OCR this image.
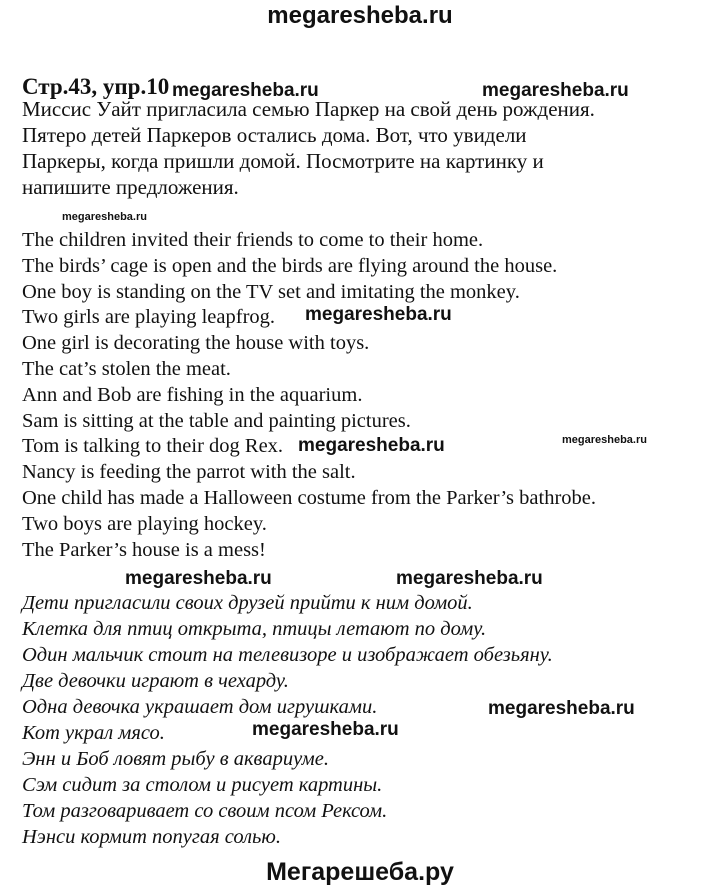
megaresheba.ru
Стр.43, упр.10
Миссис Уайт пригласила семью Паркер на свой день рождения.
Пятеро детей Паркеров остались дома. Вот, что увидели
Паркеры, когда пришли домой. Посмотрите на картинку и
напишите предложения.
The children invited their friends to come to their home.
The birds’ cage is open and the birds are flying around the house.
One boy is standing on the TV set and imitating the monkey.
Two girls are playing leapfrog.
One girl is decorating the house with toys.
The cat’s stolen the meat.
Ann and Bob are fishing in the aquarium.
Sam is sitting at the table and painting pictures.
Tom is talking to their dog Rex.
Nancy is feeding the parrot with the salt.
One child has made a Halloween costume from the Parker’s bathrobe.
Two boys are playing hockey.
The Parker’s house is a mess!
Дети пригласили своих друзей прийти к ним домой.
Клетка для птиц открыта, птицы летают по дому.
Один мальчик стоит на телевизоре и изображает обезьяну.
Две девочки играют в чехарду.
Одна девочка украшает дом игрушками.
Кот украл мясо.
Энн и Боб ловят рыбу в аквариуме.
Сэм сидит за столом и рисует картины.
Том разговаривает со своим псом Рексом.
Нэнси кормит попугая солью.
megaresheba.ru	megaresheba.ru
megaresheba.ru
megaresheba.ru
megaresheba.ru	megaresheba.ru
megaresheba.ru	megaresheba.ru
megaresheba.ru
megaresheba.ru
Мегарешеба.ру
